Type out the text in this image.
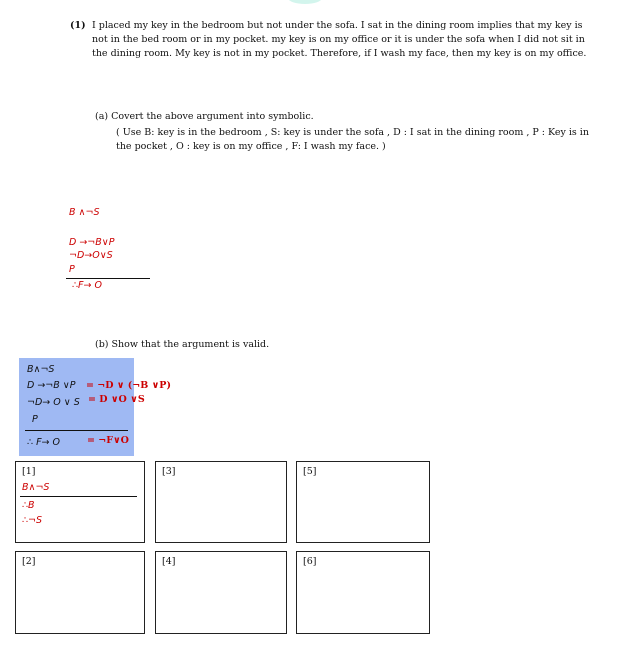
(1) I placed my key in the bedroom but not under the sofa. I sat in the dining room implies that my key is
not in the bed room or in my pocket. my key is on my office or it is under the sofa when I did not sit in
the dining room. My key is not in my pocket. Therefore, if I wash my face, then my key is on my office.
(a) Covert the above argument into symbolic.
( Use B: key is in the bedroom , S: key is under the sofa , D : I sat in the dining room , P : Key is in
the pocket , O : key is on my office , F: I wash my face. )
B ∧¬S
D →¬B∨P
¬D→O∨S
P
∴F→ O
(b) Show that the argument is valid.
B∧¬S
D →¬B ∨P = ¬D ∨ (¬B ∨P)
¬D→ O ∨ S = D ∨O ∨S
P
∴ F→ O	= ¬F∨O
[1]
B∧¬S
∴B
∴¬S
[3]	[5]
[2]	[4]	[6]
